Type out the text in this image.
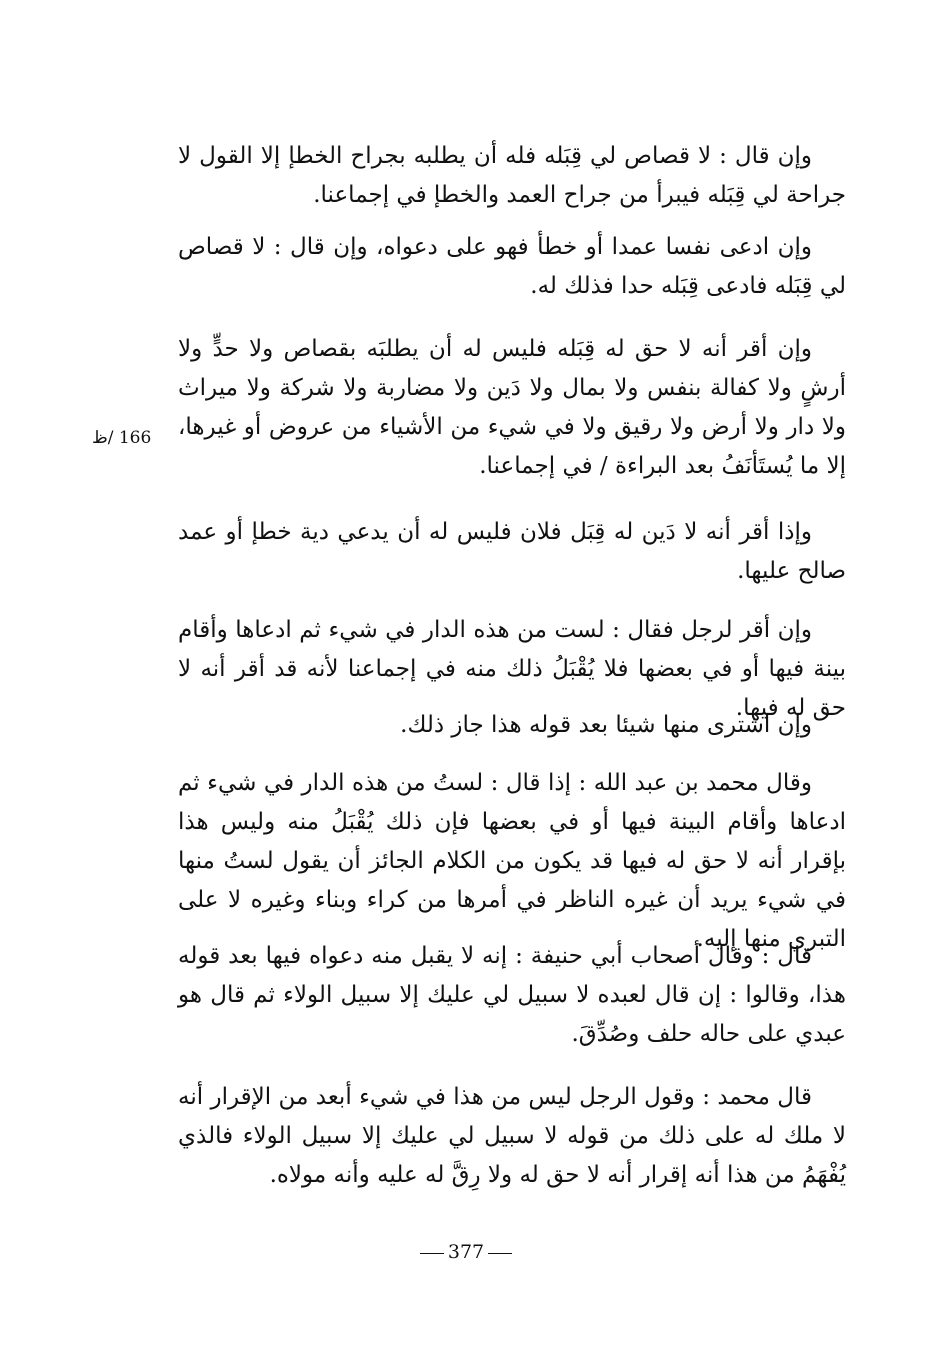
وإن قال : لا قصاص لي قِبَله فله أن يطلبه بجراح الخطإ إلا القول لا جراحة لي قِبَله فيبرأ من جراح العمد والخطإ في إجماعنا.

وإن ادعى نفسا عمدا أو خطأ فهو على دعواه، وإن قال : لا قصاص لي قِبَله فادعى قِبَله حدا فذلك له.

وإن أقر أنه لا حق له قِبَله فليس له أن يطلبَه بقصاص ولا حدٍّ ولا أرشٍ ولا كفالة بنفس ولا بمال ولا دَين ولا مضاربة ولا شركة ولا ميراث ولا دار ولا أرض ولا رقيق ولا في شيء من الأشياء من عروض أو غيرها، إلا ما يُستَأنَفُ بعد البراءة / في إجماعنا.

وإذا أقر أنه لا دَين له قِبَل فلان فليس له أن يدعي دية خطإ أو عمد صالح عليها.

وإن أقر لرجل فقال : لست من هذه الدار في شيء ثم ادعاها وأقام بينة فيها أو في بعضها فلا يُقْبَلُ ذلك منه في إجماعنا لأنه قد أقر أنه لا حق له فيها.

وإن اشترى منها شيئا بعد قوله هذا جاز ذلك.

وقال محمد بن عبد الله : إذا قال : لستُ من هذه الدار في شيء ثم ادعاها وأقام البينة فيها أو في بعضها فإن ذلك يُقْبَلُ منه وليس هذا بإقرار أنه لا حق له فيها قد يكون من الكلام الجائز أن يقول لستُ منها في شيء يريد أن غيره الناظر في أمرها من كراء وبناء وغيره لا على التبري منها إليه.

قال : وقال أصحاب أبي حنيفة : إنه لا يقبل منه دعواه فيها بعد قوله هذا، وقالوا : إن قال لعبده لا سبيل لي عليك إلا سبيل الولاء ثم قال هو عبدي على حاله حلف وصُدِّقَ.

قال محمد : وقول الرجل ليس من هذا في شيء أبعد من الإقرار أنه لا ملك له على ذلك من قوله لا سبيل لي عليك إلا سبيل الولاء فالذي يُفْهَمُ من هذا أنه إقرار أنه لا حق له ولا رِقَّ له عليه وأنه مولاه.

166 /ظ
377
